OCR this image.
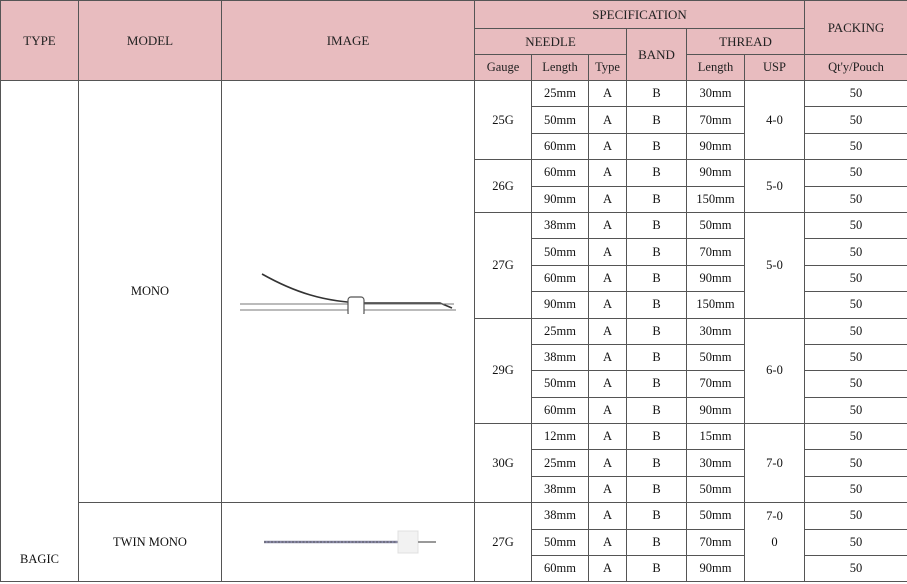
TYPE	MODEL	IMAGE	SPECIFICATION						PACKING
			NEEDLE			BAND	THREAD		
			Gauge	Length	Type		Length	USP	Qt'y/Pouch
BAGIC	MONO		25G	25mm	A	B	30mm	4-0	50
				50mm	A	B	70mm		50
				60mm	A	B	90mm		50
			26G	60mm	A	B	90mm	5-0	50
				90mm	A	B	150mm		50
			27G	38mm	A	B	50mm	5-0	50
				50mm	A	B	70mm		50
				60mm	A	B	90mm		50
				90mm	A	B	150mm		50
			29G	25mm	A	B	30mm	6-0	50
				38mm	A	B	50mm		50
				50mm	A	B	70mm		50
				60mm	A	B	90mm		50
			30G	12mm	A	B	15mm	7-0	50
				25mm	A	B	30mm		50
				38mm	A	B	50mm		50
	TWIN MONO		27G	38mm	A	B	50mm	7-0	50
				50mm	A	B	70mm	0	50
				60mm	A	B	90mm		50
